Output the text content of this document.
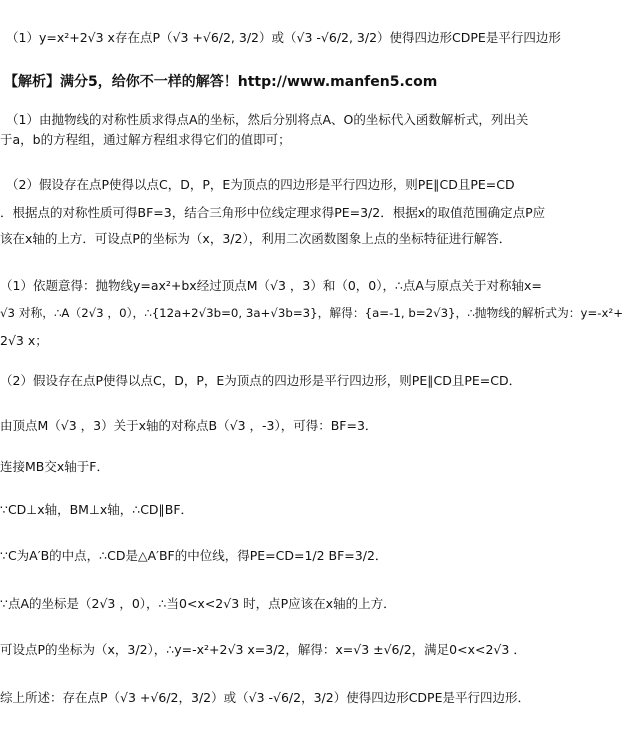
（1）y=x²+2√3 x存在点P（√3 +√6/2, 3/2）或（√3 -√6/2, 3/2）使得四边形CDPE是平行四边形
【解析】满分5，给你不一样的解答！http://www.manfen5.com
（1）由抛物线的对称性质求得点A的坐标，然后分别将点A、O的坐标代入函数解析式，列出关
于a，b的方程组，通过解方程组求得它们的值即可；
（2）假设存在点P使得以点C，D，P，E为顶点的四边形是平行四边形，则PE∥CD且PE=CD
．根据点的对称性质可得BF=3，结合三角形中位线定理求得PE=3/2．根据x的取值范围确定点P应
该在x轴的上方．可设点P的坐标为（x，3/2），利用二次函数图象上点的坐标特征进行解答．
（1）依题意得：抛物线y=ax²+bx经过顶点M（√3 ，3）和（0，0），∴点A与原点关于对称轴x=
√3 对称，∴A（2√3 ，0），∴{12a+2√3b=0, 3a+√3b=3}，解得：{a=-1, b=2√3}，∴抛物线的解析式为：y=-x²+
2√3 x；
（2）假设存在点P使得以点C，D，P，E为顶点的四边形是平行四边形，则PE∥CD且PE=CD．
由顶点M（√3 ，3）关于x轴的对称点B（√3 ，-3），可得：BF=3．
连接MB交x轴于F．
∵CD⊥x轴，BM⊥x轴，∴CD∥BF．
∵C为A′B的中点，∴CD是△A′BF的中位线，得PE=CD=1/2 BF=3/2．
∵点A的坐标是（2√3 ，0），∴当0<x<2√3 时，点P应该在x轴的上方．
可设点P的坐标为（x，3/2），∴y=-x²+2√3 x=3/2，解得：x=√3 ±√6/2，满足0<x<2√3 ．
综上所述：存在点P（√3 +√6/2，3/2）或（√3 -√6/2，3/2）使得四边形CDPE是平行四边形．
